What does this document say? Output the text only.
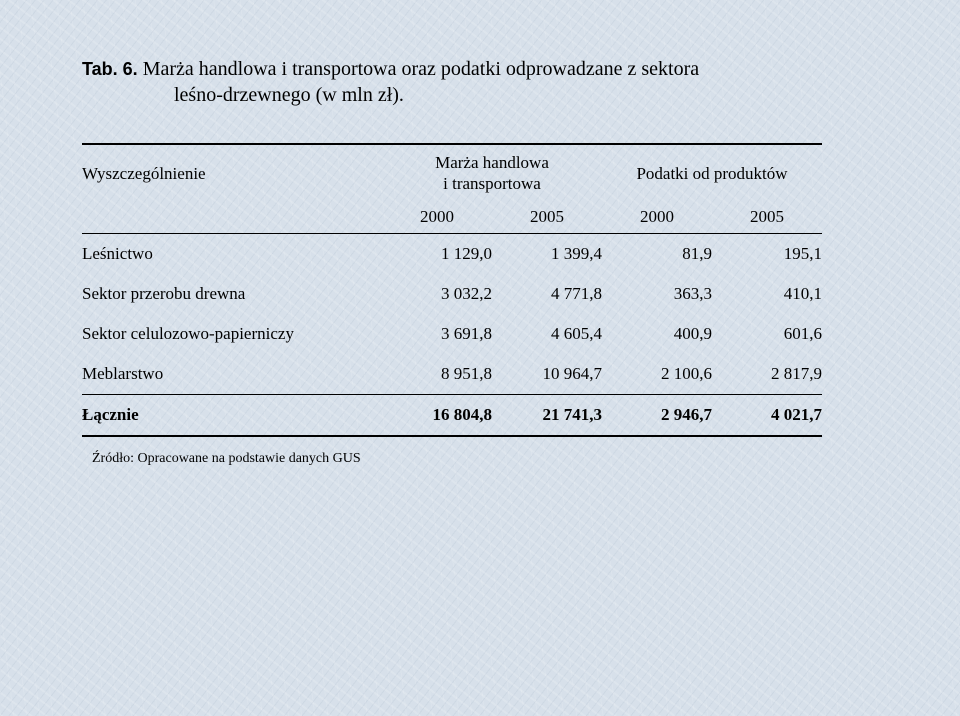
Tab. 6. Marża handlowa i transportowa oraz podatki odprowadzane z sektora
leśno-drzewnego (w mln zł).
Wyszczególnienie	Marża handlowa
i transportowa		Podatki od produktów	
	2000	2005	2000	2005
Leśnictwo	1 129,0	1 399,4	81,9	195,1
Sektor przerobu drewna	3 032,2	4 771,8	363,3	410,1
Sektor celulozowo-papierniczy	3 691,8	4 605,4	400,9	601,6
Meblarstwo	8 951,8	10 964,7	2 100,6	2 817,9
Łącznie	16 804,8	21 741,3	2 946,7	4 021,7
Źródło: Opracowane na podstawie danych GUS
